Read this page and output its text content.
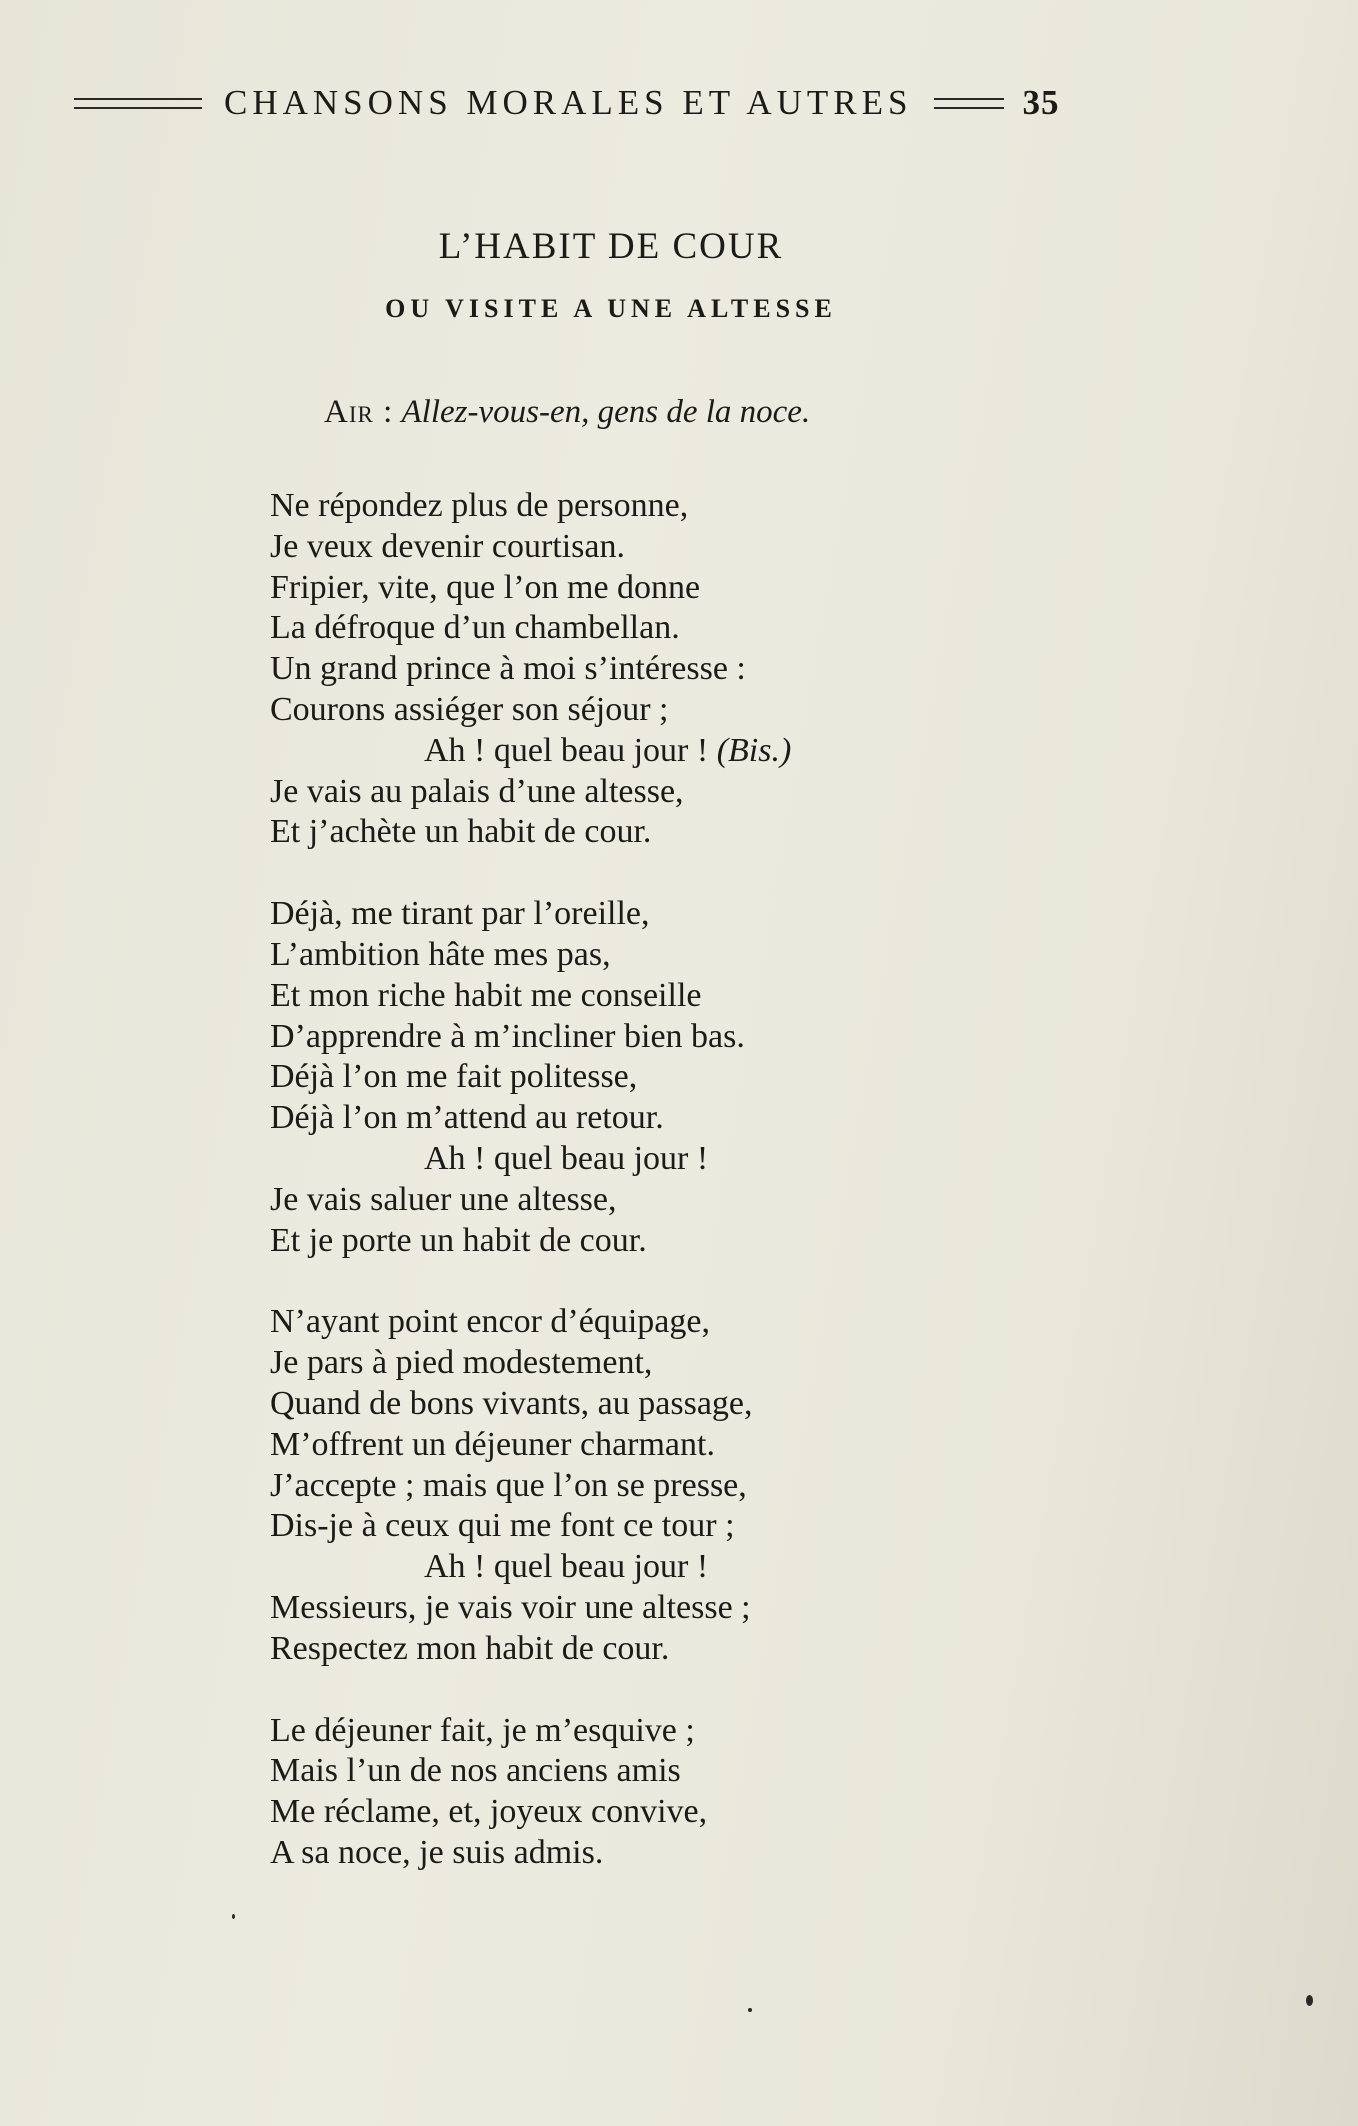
CHANSONS MORALES ET AUTRES	35
L’HABIT DE COUR
OU VISITE A UNE ALTESSE
Air : Allez-vous-en, gens de la noce.
Ne répondez plus de personne,
Je veux devenir courtisan.
Fripier, vite, que l’on me donne
La défroque d’un chambellan.
Un grand prince à moi s’intéresse :
Courons assiéger son séjour ;
Ah ! quel beau jour ! (Bis.)
Je vais au palais d’une altesse,
Et j’achète un habit de cour.
Déjà, me tirant par l’oreille,
L’ambition hâte mes pas,
Et mon riche habit me conseille
D’apprendre à m’incliner bien bas.
Déjà l’on me fait politesse,
Déjà l’on m’attend au retour.
Ah ! quel beau jour !
Je vais saluer une altesse,
Et je porte un habit de cour.
N’ayant point encor d’équipage,
Je pars à pied modestement,
Quand de bons vivants, au passage,
M’offrent un déjeuner charmant.
J’accepte ; mais que l’on se presse,
Dis-je à ceux qui me font ce tour ;
Ah ! quel beau jour !
Messieurs, je vais voir une altesse ;
Respectez mon habit de cour.
Le déjeuner fait, je m’esquive ;
Mais l’un de nos anciens amis
Me réclame, et, joyeux convive,
A sa noce, je suis admis.
